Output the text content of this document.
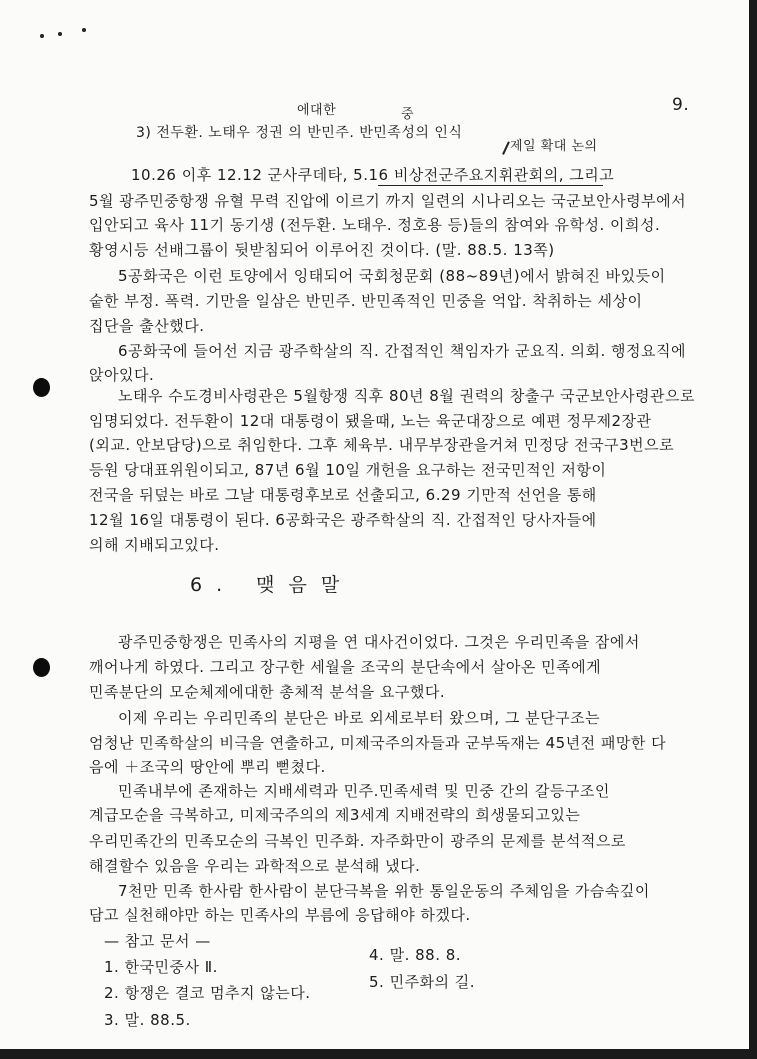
9.
에대한	중
3) 전두환. 노태우 정권 의 반민주. 반민족성의 인식
제일 확대 논의
10.26 이후 12.12 군사쿠데타, 5.16 비상전군주요지휘관회의, 그리고
5월 광주민중항쟁 유혈 무력 진압에 이르기 까지 일련의 시나리오는 국군보안사령부에서
입안되고 육사 11기 동기생 (전두환. 노태우. 정호용 등)들의 참여와 유학성. 이희성.
황영시등 선배그룹이 뒷받침되어 이루어진 것이다. (말. 88.5. 13쪽)
5공화국은 이런 토양에서 잉태되어 국회청문회 (88~89년)에서 밝혀진 바있듯이
숱한 부정. 폭력. 기만을 일삼은 반민주. 반민족적인 민중을 억압. 착취하는 세상이
집단을 출산했다.
6공화국에 들어선 지금 광주학살의 직. 간접적인 책임자가 군요직. 의회. 행정요직에
앉아있다.
노태우 수도경비사령관은 5월항쟁 직후 80년 8월 권력의 창출구 국군보안사령관으로
임명되었다. 전두환이 12대 대통령이 됐을때, 노는 육군대장으로 예편 정무제2장관
(외교. 안보담당)으로 취임한다. 그후 체육부. 내무부장관을거쳐 민정당 전국구3번으로
등원 당대표위원이되고, 87년 6월 10일 개헌을 요구하는 전국민적인 저항이
전국을 뒤덮는 바로 그날 대통령후보로 선출되고, 6.29 기만적 선언을 통해
12월 16일 대통령이 된다. 6공화국은 광주학살의 직. 간접적인 당사자들에
의해 지배되고있다.
6. 맺음말
광주민중항쟁은 민족사의 지평을 연 대사건이었다. 그것은 우리민족을 잠에서
깨어나게 하였다. 그리고 장구한 세월을 조국의 분단속에서 살아온 민족에게
민족분단의 모순체제에대한 총체적 분석을 요구했다.
이제 우리는 우리민족의 분단은 바로 외세로부터 왔으며, 그 분단구조는
엄청난 민족학살의 비극을 연출하고, 미제국주의자들과 군부독재는 45년전 패망한 다
음에 ＋조국의 땅안에 뿌리 뻗쳤다.
민족내부에 존재하는 지배세력과 민주.민족세력 및 민중 간의 갈등구조인
계급모순을 극복하고, 미제국주의의 제3세계 지배전략의 희생물되고있는
우리민족간의 민족모순의 극복인 민주화. 자주화만이 광주의 문제를 분석적으로
해결할수 있음을 우리는 과학적으로 분석해 냈다.
7천만 민족 한사람 한사람이 분단극복을 위한 통일운동의 주체임을 가슴속깊이
담고 실천해야만 하는 민족사의 부름에 응답해야 하겠다.
— 참고 문서 —
1. 한국민중사 Ⅱ.
2. 항쟁은 결코 멈추지 않는다.
3. 말. 88.5.
4. 말. 88. 8.
5. 민주화의 길.
